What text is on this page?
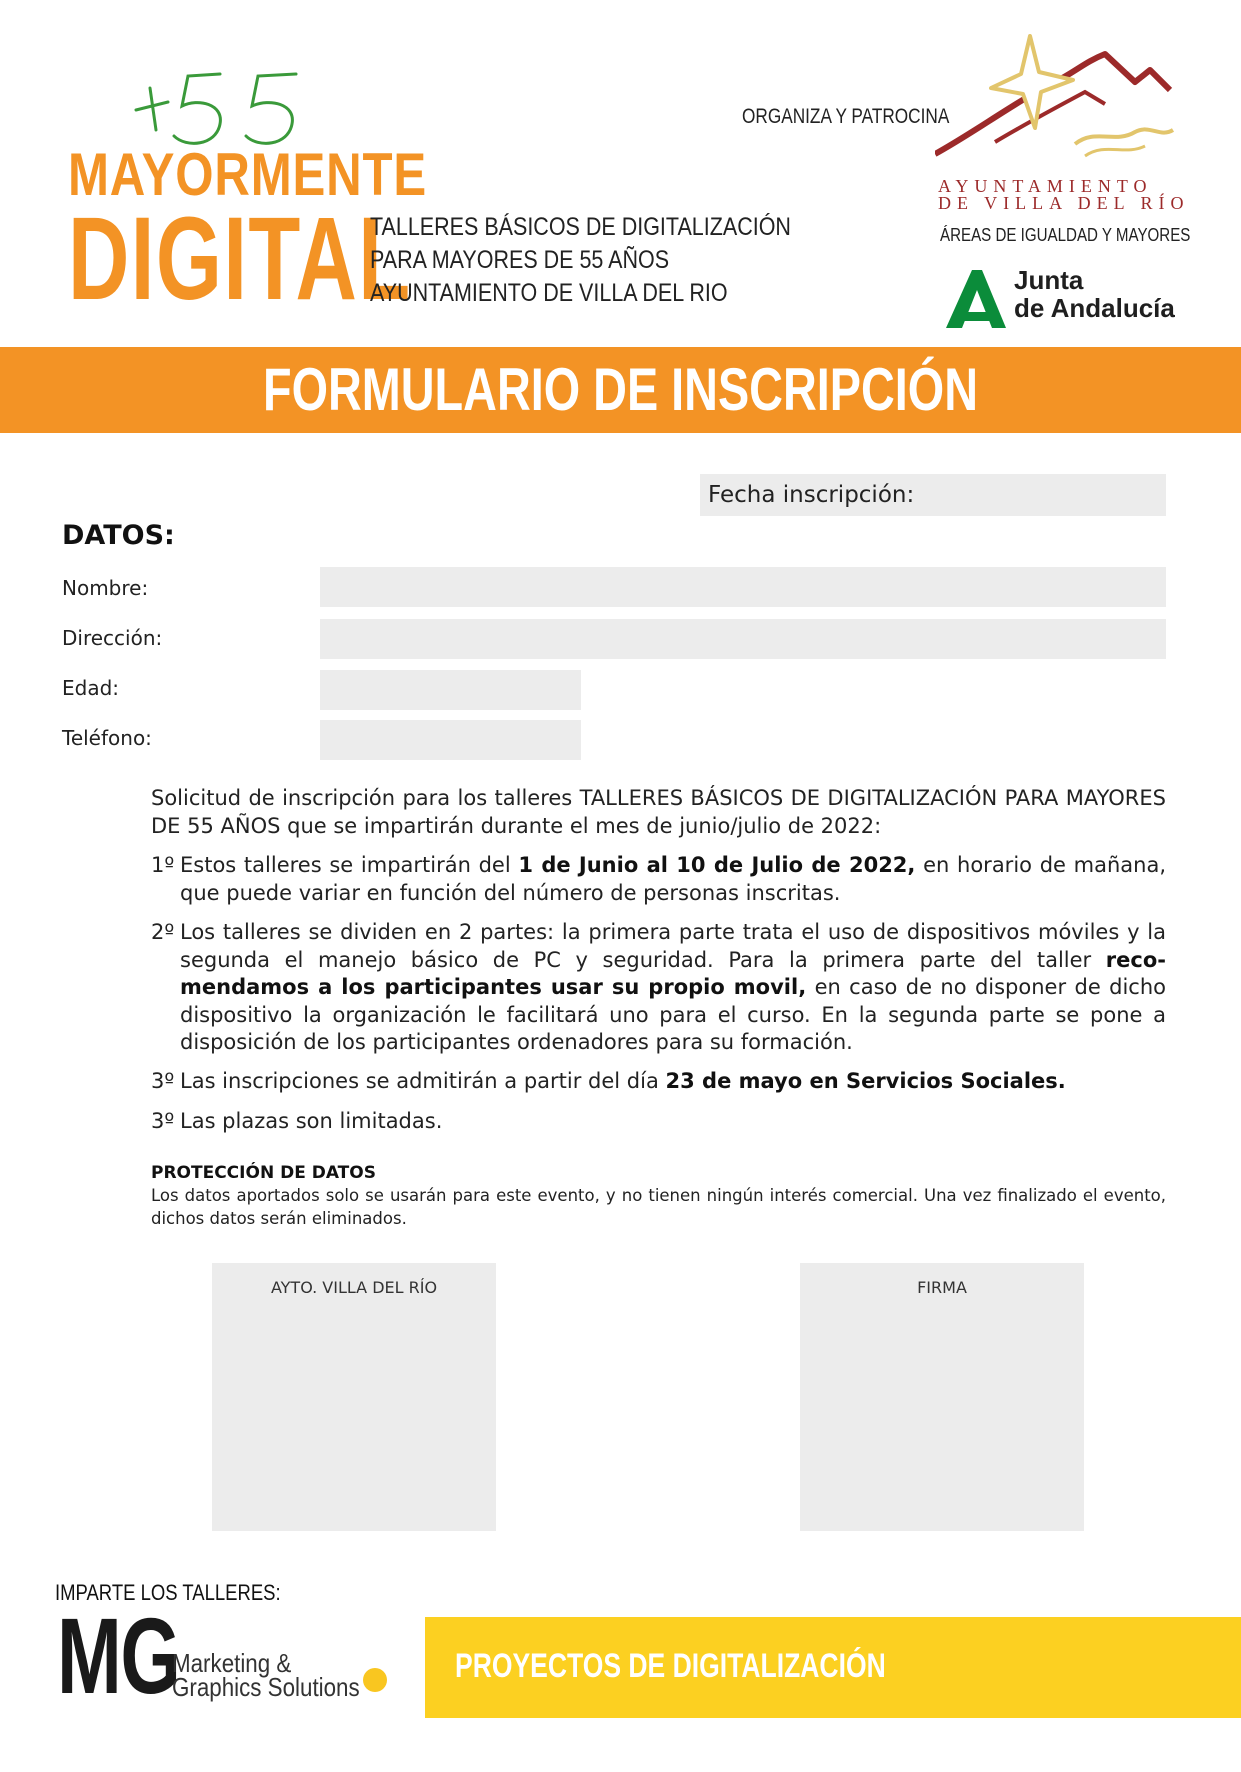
MAYORMENTE
DIGITAL
TALLERES BÁSICOS DE DIGITALIZACIÓN
PARA MAYORES DE 55 AÑOS
AYUNTAMIENTO DE VILLA DEL RIO
ORGANIZA Y PATROCINA
AYUNTAMIENTO
DE VILLA DEL RÍO
ÁREAS DE IGUALDAD Y MAYORES
Junta
de Andalucía
FORMULARIO DE INSCRIPCIÓN
Fecha inscripción:
DATOS:
Nombre:
Dirección:
Edad:
Teléfono:
Solicitud de inscripción para los talleres TALLERES BÁSICOS DE DIGITALIZACIÓN PARA MAYORES DE 55 AÑOS que se impartirán durante el mes de junio/julio de 2022:
1º Estos talleres se impartirán del 1 de Junio al 10 de Julio de 2022, en horario de mañana, que puede variar en función del número de personas inscritas.
2º Los talleres se dividen en 2 partes: la primera parte trata el uso de dispositivos móviles y la segunda el manejo básico de PC y seguridad. Para la primera parte del taller reco-mendamos a los participantes usar su propio movil, en caso de no disponer de dicho dispositivo la organización le facilitará uno para el curso. En la segunda parte se pone a disposición de los participantes ordenadores para su formación.
3º Las inscripciones se admitirán a partir del día 23 de mayo en Servicios Sociales.
3º Las plazas son limitadas.
PROTECCIÓN DE DATOS
Los datos aportados solo se usarán para este evento, y no tienen ningún interés comercial. Una vez finalizado el evento, dichos datos serán eliminados.
AYTO. VILLA DEL RÍO	FIRMA
IMPARTE LOS TALLERES:
MG
Marketing &
Graphics Solutions
PROYECTOS DE DIGITALIZACIÓN
